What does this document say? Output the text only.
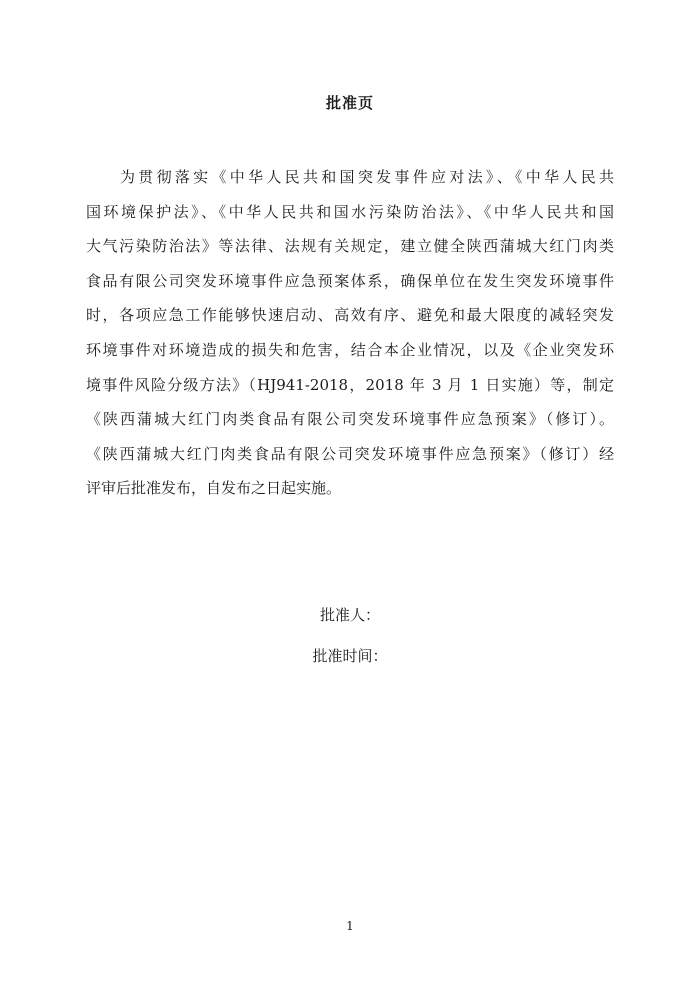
批准页
为贯彻落实《中华人民共和国突发事件应对法》、《中华人民共
国环境保护法》、《中华人民共和国水污染防治法》、《中华人民共和国
大气污染防治法》等法律、法规有关规定，建立健全陕西蒲城大红门肉类
食品有限公司突发环境事件应急预案体系，确保单位在发生突发环境事件
时，各项应急工作能够快速启动、高效有序、避免和最大限度的减轻突发
环境事件对环境造成的损失和危害，结合本企业情况，以及《企业突发环
境事件风险分级方法》（HJ941-2018，2018 年 3 月 1 日实施）等，制定
《陕西蒲城大红门肉类食品有限公司突发环境事件应急预案》（修订）。
《陕西蒲城大红门肉类食品有限公司突发环境事件应急预案》（修订）经
评审后批准发布，自发布之日起实施。
批准人：
批准时间：
1
